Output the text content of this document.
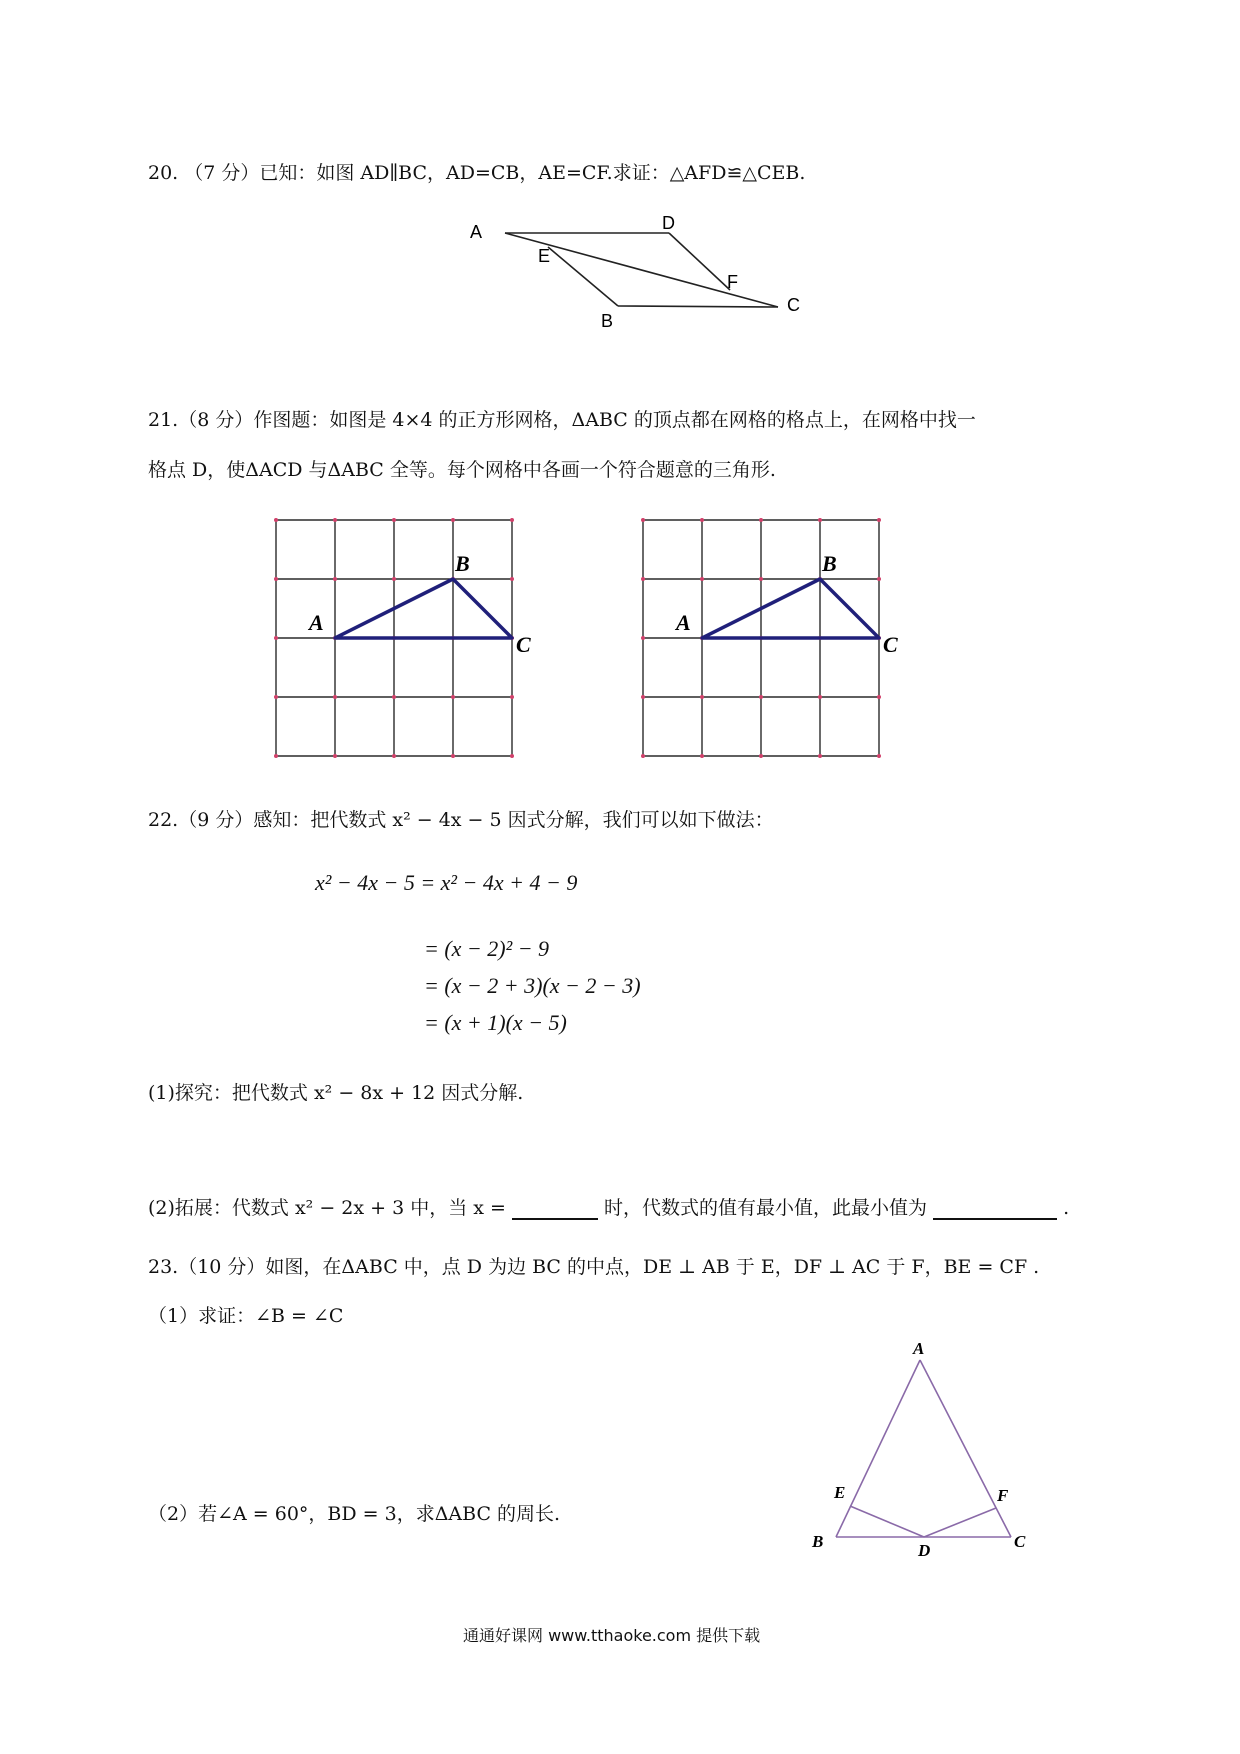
20. （7 分）已知：如图 AD∥BC，AD=CB，AE=CF.求证：△AFD≌△CEB.
A	D
E
F
B
C
21.（8 分）作图题：如图是 4×4 的正方形网格，ΔABC 的顶点都在网格的格点上，在网格中找一
格点 D，使ΔACD 与ΔABC 全等。每个网格中各画一个符合题意的三角形.
A
B
C
A
B
C
22.（9 分）感知：把代数式 x² − 4x − 5 因式分解，我们可以如下做法：
x² − 4x − 5 = x² − 4x + 4 − 9
= (x − 2)² − 9
= (x − 2 + 3)(x − 2 − 3)
= (x + 1)(x − 5)
(1)探究：把代数式 x² − 8x + 12 因式分解.
(2)拓展：代数式 x² − 2x + 3 中，当 x =	时，代数式的值有最小值，此最小值为	.
23.（10 分）如图，在ΔABC 中，点 D 为边 BC 的中点，DE ⊥ AB 于 E，DF ⊥ AC 于 F，BE = CF .
（1）求证：∠B = ∠C
（2）若∠A = 60°，BD = 3，求ΔABC 的周长.
A
E	F
B	D	C
通通好课网 www.tthaoke.com 提供下载
